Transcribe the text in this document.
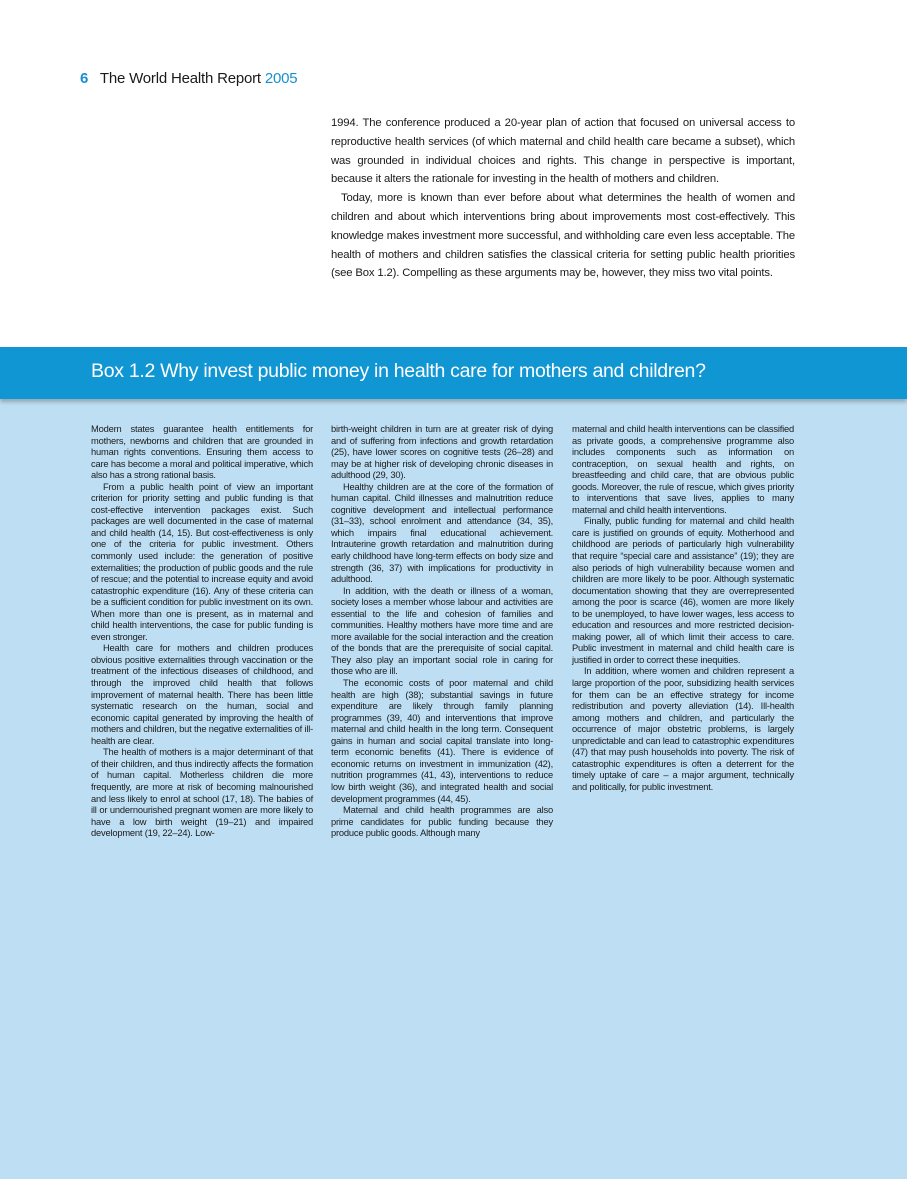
6 The World Health Report 2005

1994. The conference produced a 20-year plan of action that focused on universal access to reproductive health services (of which maternal and child health care became a subset), which was grounded in individual choices and rights. This change in perspective is important, because it alters the rationale for investing in the health of mothers and children.

Today, more is known than ever before about what determines the health of women and children and about which interventions bring about improvements most cost-effectively. This knowledge makes investment more successful, and withholding care even less acceptable. The health of mothers and children satisfies the classical criteria for setting public health priorities (see Box 1.2). Compelling as these arguments may be, however, they miss two vital points.

Box 1.2 Why invest public money in health care for mothers and children?

Modern states guarantee health entitlements for mothers, newborns and children that are grounded in human rights conventions. Ensuring them access to care has become a moral and political imperative, which also has a strong rational basis.

From a public health point of view an important criterion for priority setting and public funding is that cost-effective intervention packages exist. Such packages are well documented in the case of maternal and child health (14, 15). But cost-effectiveness is only one of the criteria for public investment. Others commonly used include: the generation of positive externalities; the production of public goods and the rule of rescue; and the potential to increase equity and avoid catastrophic expenditure (16). Any of these criteria can be a sufficient condition for public investment on its own. When more than one is present, as in maternal and child health interventions, the case for public funding is even stronger.

Health care for mothers and children produces obvious positive externalities through vaccination or the treatment of the infectious diseases of childhood, and through the improved child health that follows improvement of maternal health. There has been little systematic research on the human, social and economic capital generated by improving the health of mothers and children, but the negative externalities of ill-health are clear.

The health of mothers is a major determinant of that of their children, and thus indirectly affects the formation of human capital. Motherless children die more frequently, are more at risk of becoming malnourished and less likely to enrol at school (17, 18). The babies of ill or undernourished pregnant women are more likely to have a low birth weight (19–21) and impaired development (19, 22–24). Low-

birth-weight children in turn are at greater risk of dying and of suffering from infections and growth retardation (25), have lower scores on cognitive tests (26–28) and may be at higher risk of developing chronic diseases in adulthood (29, 30).

Healthy children are at the core of the formation of human capital. Child illnesses and malnutrition reduce cognitive development and intellectual performance (31–33), school enrolment and attendance (34, 35), which impairs final educational achievement. Intrauterine growth retardation and malnutrition during early childhood have long-term effects on body size and strength (36, 37) with implications for productivity in adulthood.

In addition, with the death or illness of a woman, society loses a member whose labour and activities are essential to the life and cohesion of families and communities. Healthy mothers have more time and are more available for the social interaction and the creation of the bonds that are the prerequisite of social capital. They also play an important social role in caring for those who are ill.

The economic costs of poor maternal and child health are high (38); substantial savings in future expenditure are likely through family planning programmes (39, 40) and interventions that improve maternal and child health in the long term. Consequent gains in human and social capital translate into long-term economic benefits (41). There is evidence of economic returns on investment in immunization (42), nutrition programmes (41, 43), interventions to reduce low birth weight (36), and integrated health and social development programmes (44, 45).

Maternal and child health programmes are also prime candidates for public funding because they produce public goods. Although many

maternal and child health interventions can be classified as private goods, a comprehensive programme also includes components such as information on contraception, on sexual health and rights, on breastfeeding and child care, that are obvious public goods. Moreover, the rule of rescue, which gives priority to interventions that save lives, applies to many maternal and child health interventions.

Finally, public funding for maternal and child health care is justified on grounds of equity. Motherhood and childhood are periods of particularly high vulnerability that require “special care and assistance” (19); they are also periods of high vulnerability because women and children are more likely to be poor. Although systematic documentation showing that they are overrepresented among the poor is scarce (46), women are more likely to be unemployed, to have lower wages, less access to education and resources and more restricted decision-making power, all of which limit their access to care. Public investment in maternal and child health care is justified in order to correct these inequities.

In addition, where women and children represent a large proportion of the poor, subsidizing health services for them can be an effective strategy for income redistribution and poverty alleviation (14). Ill-health among mothers and children, and particularly the occurrence of major obstetric problems, is largely unpredictable and can lead to catastrophic expenditures (47) that may push households into poverty. The risk of catastrophic expenditures is often a deterrent for the timely uptake of care – a major argument, technically and politically, for public investment.
